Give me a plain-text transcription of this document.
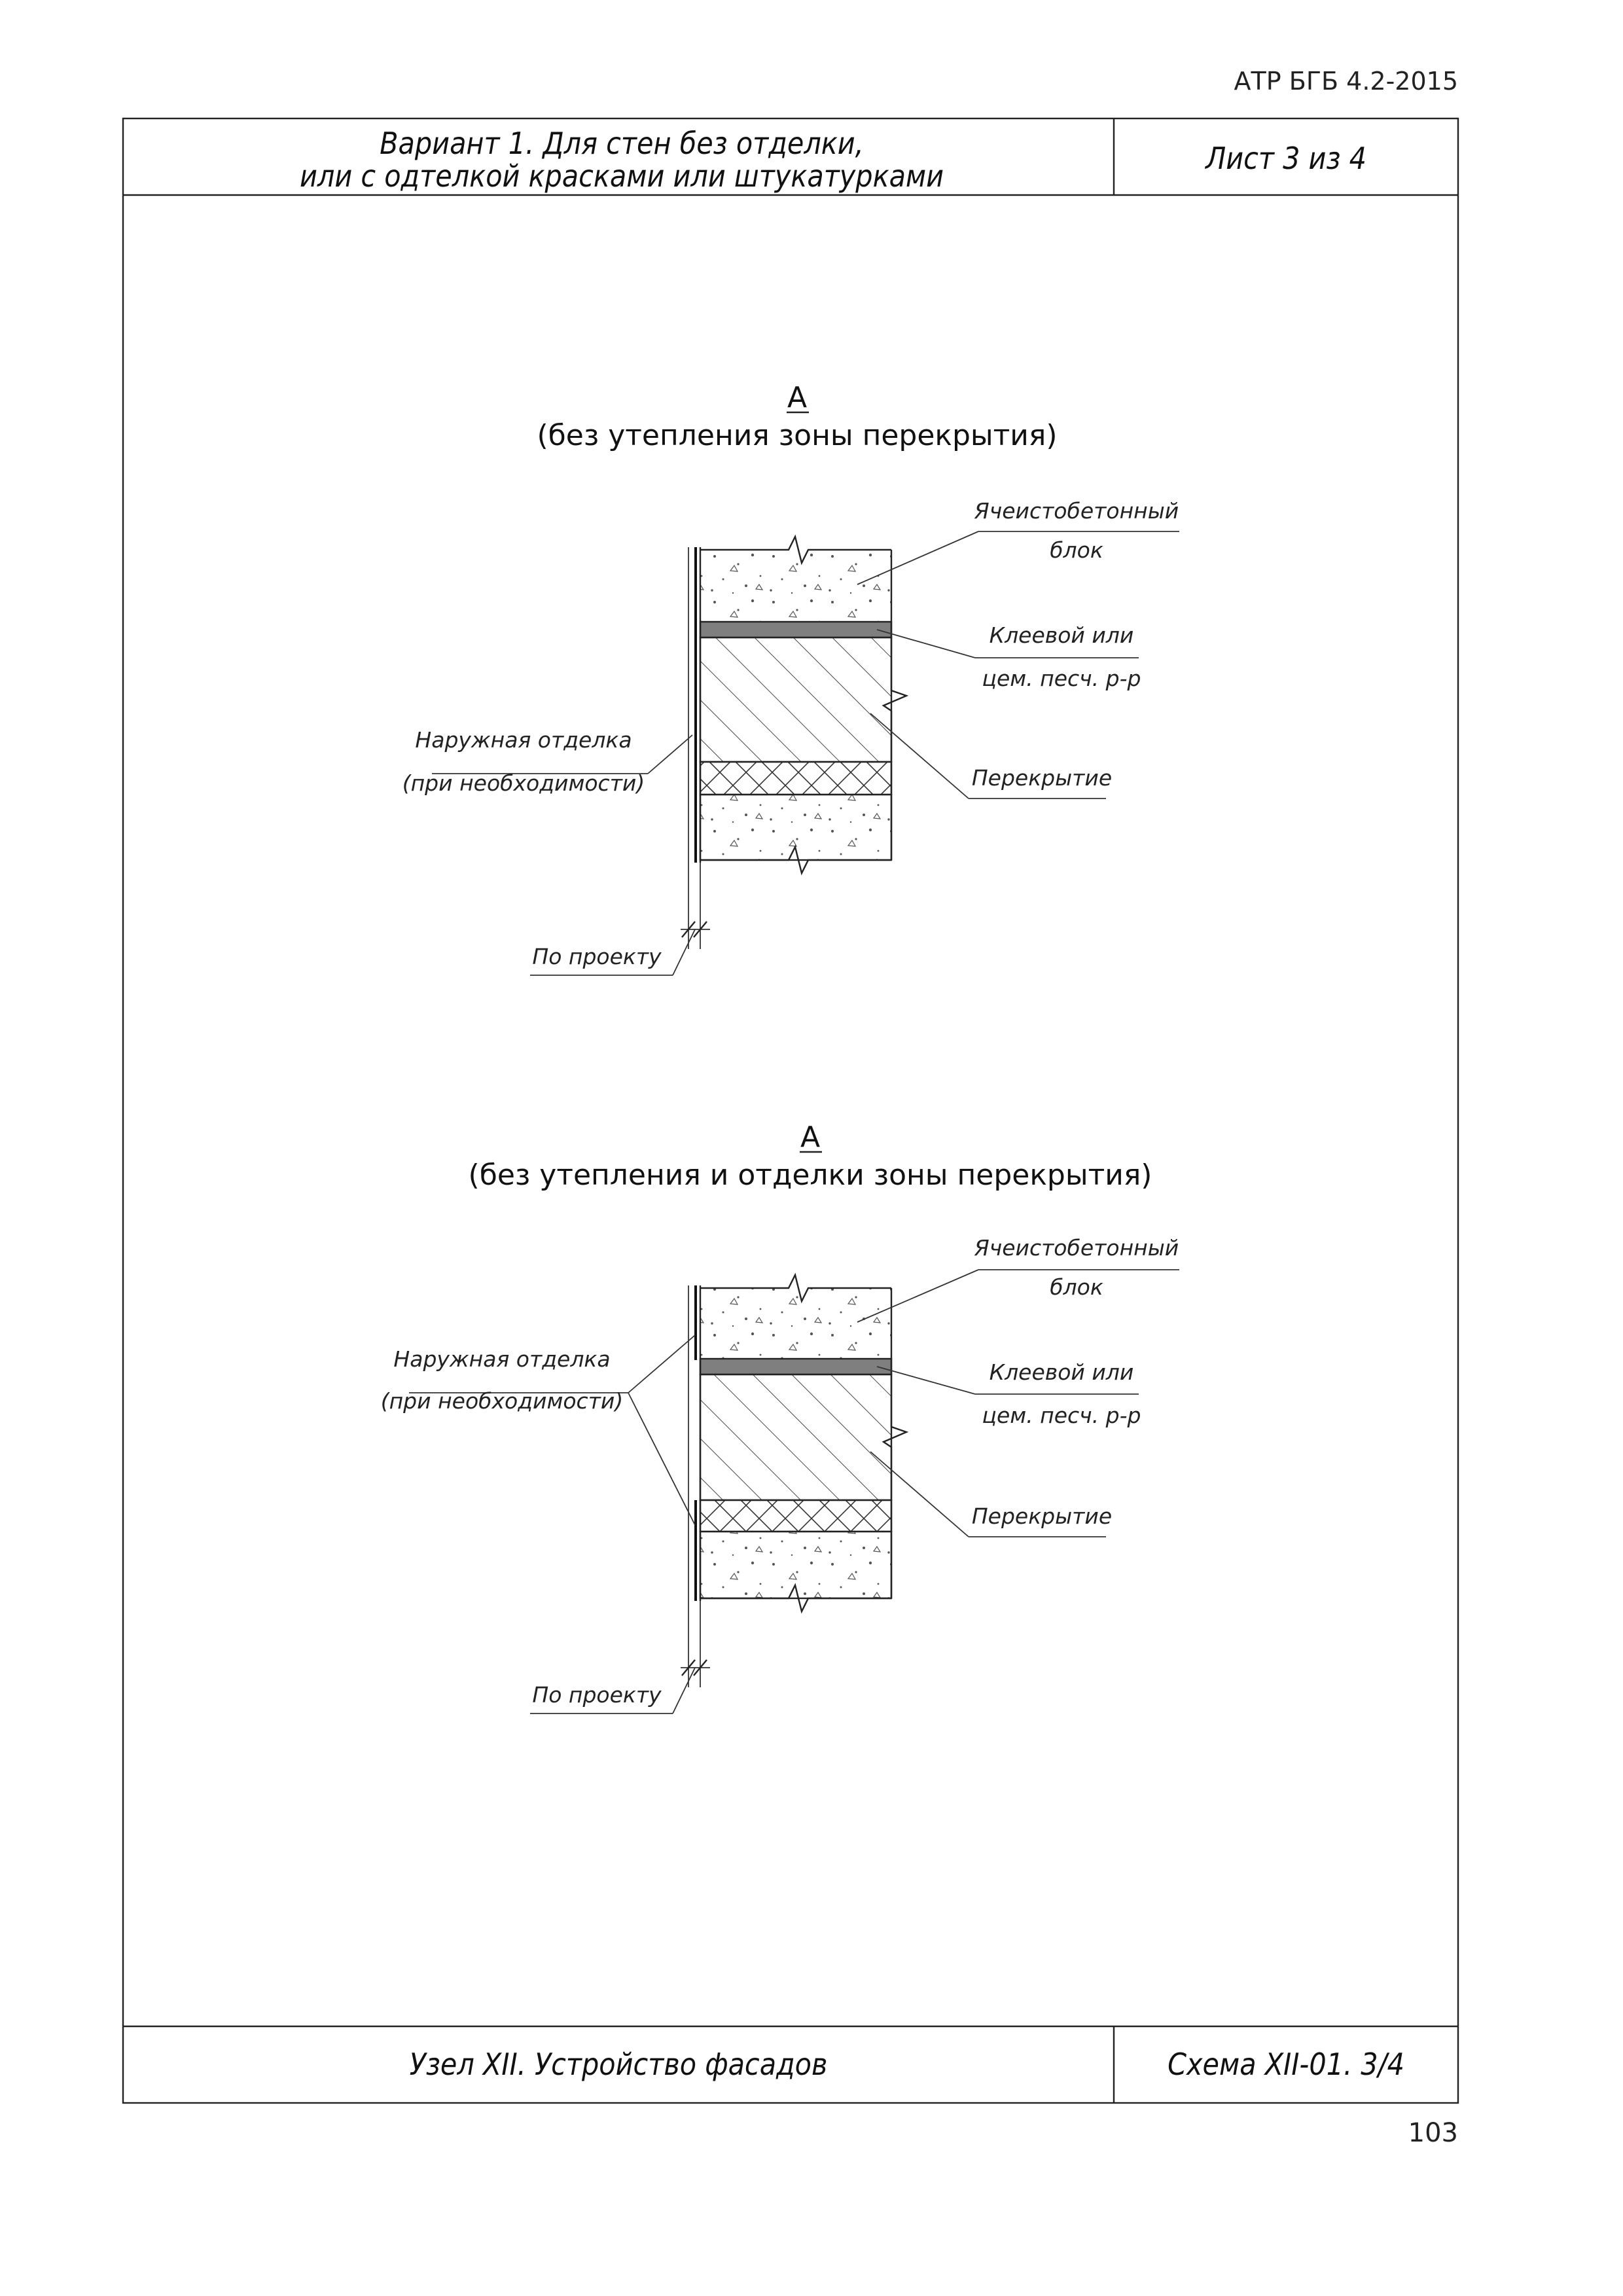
АТР БГБ 4.2-2015
Вариант 1. Для стен без отделки,
или с одтелкой красками или штукатурками	Лист 3 из 4
Узел XII. Устройство фасадов	Схема XII-01. 3/4
А
(без утепления зоны перекрытия)
Ячеистобетонный
блок
Клеевой или
цем. песч. р-р
Перекрытие
Наружная отделка
(при необходимости)
По проекту
А
(без утепления и отделки зоны перекрытия)
Ячеистобетонный
блок
Клеевой или
цем. песч. р-р
Перекрытие
Наружная отделка
(при необходимости)
По проекту
103
